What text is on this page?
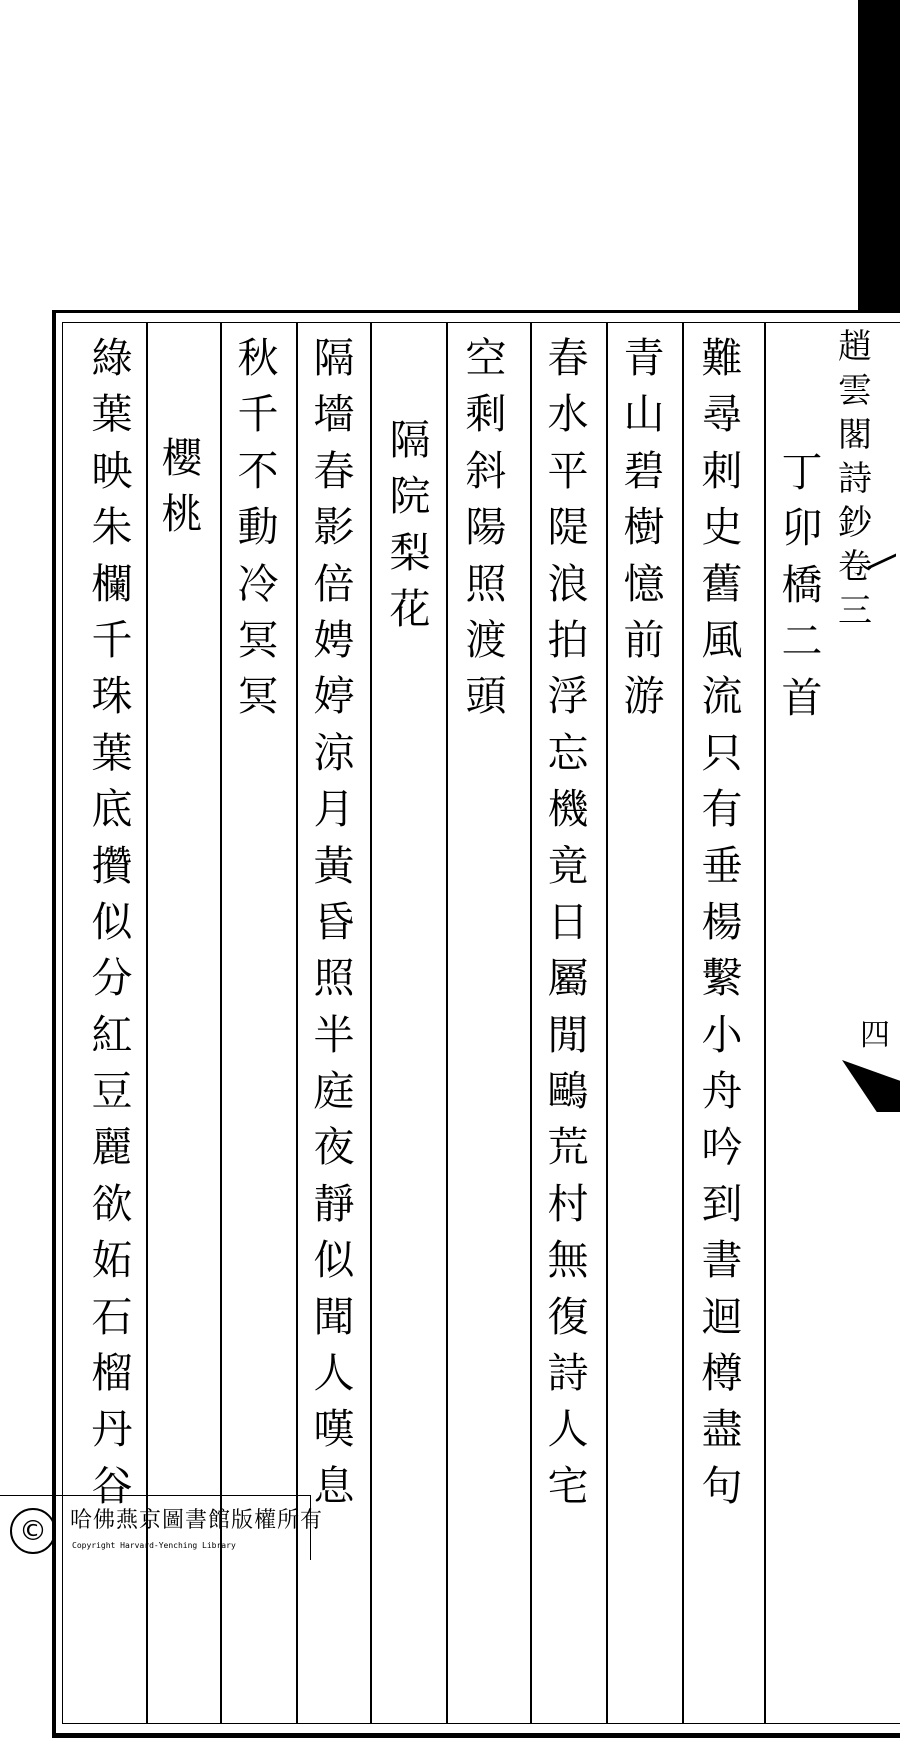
趙
雲
閣
詩
鈔
卷
三
四
丁
卯
橋
二
首
難
尋
刺
史
舊
風
流
只
有
垂
楊
繫
小
舟
吟
到
書
迴
樽
盡
句
青
山
碧
樹
憶
前
游
春
水
平
隄
浪
拍
浮
忘
機
竟
日
屬
閒
鷗
荒
村
無
復
詩
人
宅
空
剩
斜
陽
照
渡
頭
隔
院
梨
花
隔
墻
春
影
倍
娉
婷
涼
月
黃
昏
照
半
庭
夜
靜
似
聞
人
嘆
息
秋
千
不
動
冷
冥
冥
櫻
桃
綠
葉
映
朱
欄
千
珠
葉
底
攢
似
分
紅
豆
麗
欲
妬
石
榴
丹
谷
©	哈佛燕京圖書館版權所有
Copyright Harvard-Yenching Library
